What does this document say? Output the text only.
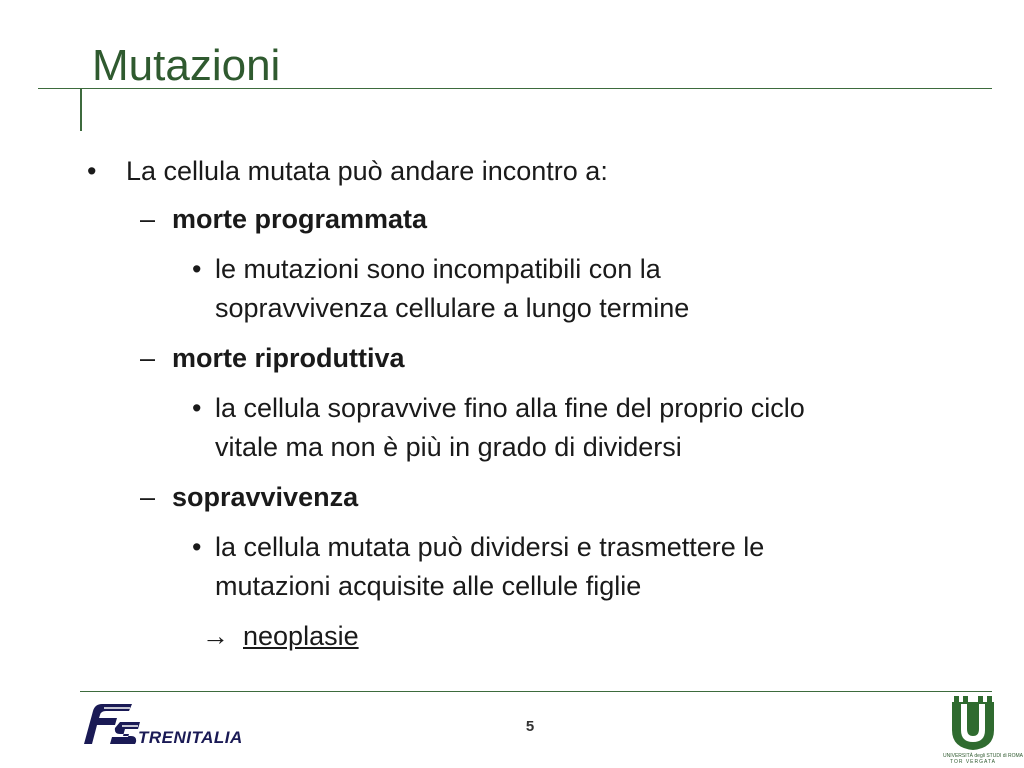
Mutazioni
• La cellula mutata può andare incontro a:
– morte programmata
• le mutazioni sono incompatibili con la
sopravvivenza cellulare a lungo termine
– morte riproduttiva
• la cellula sopravvive fino alla fine del proprio ciclo
vitale ma non è più in grado di dividersi
– sopravvivenza
• la cellula mutata può dividersi e trasmettere le
mutazioni acquisite alle cellule figlie
→ neoplasie
TRENITALIA
5
UNIVERSITÀ degli STUDI di ROMA
TOR VERGATA
